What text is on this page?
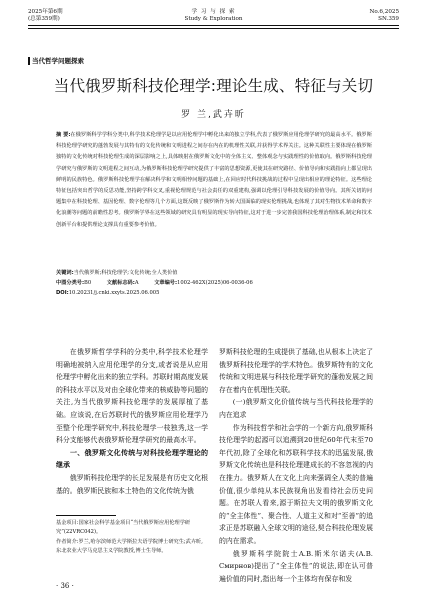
2025年第6期
(总第359期)
学 习 与 探 索
Study & Exploration
No.6,2025
SN.359
当代哲学问题探索
当代俄罗斯科技伦理学:理论生成、特征与关切
罗 兰,武卉昕
摘 要:在俄罗斯科学学科分类中,科学技术伦理学是以应用伦理学中孵化出来的独立学科,代表了俄罗斯应用伦理学研究的最高水平。俄罗斯科技伦理学研究的蓬勃发展与其特有的文化传统和文明进程之间存在内在的机理性关联,并获得学术界关注。这种关联性主要体现在俄罗斯独特的文化传统对科技伦理生成的深层影响之上,具体映射在俄罗斯文化中的全体主义、整体观念与实践理性的价值取向。俄罗斯科技伦理学研究与俄罗斯的文明进程之间互动,为俄罗斯科技伦理学研究提供了丰富的思想资源,更使其在研究路径、价值导向和实践指向上都呈现出鲜明的民族特色。俄罗斯科技伦理学在解决科学和文明相悖问题的基础上,在回应时代科技挑战的过程中呈现出相应的理论特征。这些理论特征包括突出哲学的反思功能,坚持跨学科交叉,重视伦理规范与社会责任的双重建构,强调以伦理引导科技发展的价值导向。其所关切的问题集中在科技伦理、基因伦理、数字伦理等几个方面,这既反映了俄罗斯作为转大国面临的现实伦理挑战,也体现了其对生物技术革命和数字化浪潮等问题的前瞻性思考。俄罗斯学界在这些领域的研究具有明显的现实导向特征,这对于进一步完善我国科技伦理治理体系,制定和技术创新平台和提供理论支撑具有重要参考价值。
关键词:当代俄罗斯;科技伦理学;文化传统;全人类价值
中图分类号:B0	文献标志码:A	文章编号:1002-462X(2025)06-0036-06
DOI:10.20231/j.cnki.xxyts.2025.06.005

在俄罗斯哲学学科的分类中,科学技术伦理学明确地被纳入应用伦理学的分支,或者说是从应用伦理学中孵化出来的独立学科。苏联时期高度发展的科技水平以及对由全球化带来的核威胁等问题的关注,为当代俄罗斯科技伦理学的发展厚植了基础。应该说,在后苏联时代的俄罗斯应用伦理学乃至整个伦理学研究中,科技伦理学一枝独秀,这一学科分支能够代表俄罗斯伦理学研究的最高水平。

一、俄罗斯文化传统与对科技伦理学理论的继承

俄罗斯科技伦理学的长足发展是有历史文化根基的。俄罗斯民族和本土特色的文化传统为俄

罗斯科技伦理的生成提供了基础,也从根本上决定了俄罗斯科技伦理学的学术特色。俄罗斯特有的文化传统和文明进展与科技伦理学研究的蓬勃发展之间存在着内在机理性关联。

(一)俄罗斯文化价值传统与当代科技伦理学的内在追求

作为科技哲学和社会学的一个新方向,俄罗斯科技伦理学的起源可以追溯到20世纪60年代末至70年代初,除了全球化和苏联科学技术的迅猛发展,俄罗斯文化传统也是科技伦理建成长的不容忽视的内在推力。俄罗斯人在文化上向来强调全人类的普遍价值,很少单纯从本民族视角出发看待社会历史问题。在苏联人看来,源于斯拉夫文明的俄罗斯文化的“全主体性”、聚合性、人道主义和对“至善”的追求正是苏联融入全球文明的途径,契合科技伦理发展的内在需求。

俄罗斯科学院院士A.B.斯米尔诺夫(A.B. Смирнов)提出了“全主体性”的说法,即在认可普遍价值的同时,指出每一个主体均有保存和发

基金项目:国家社会科学基金项目“当代俄罗斯应用伦理学研究”(22VRC042)。

作者简介:罗兰,哈尔滨师范大学斯拉夫语学院博士研究生;武卉昕,东北农业大学马克思主义学院教授,博士生导师。

· 36 ·
